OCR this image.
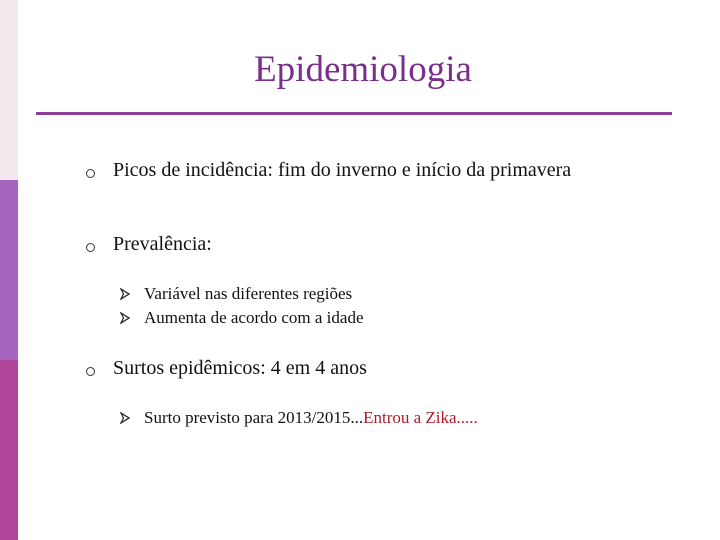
Epidemiologia
Picos de incidência: fim do inverno e início da primavera
Prevalência:
Variável nas diferentes regiões
Aumenta de acordo com a idade
Surtos epidêmicos: 4 em 4 anos
Surto previsto para 2013/2015... Entrou a Zika.....
